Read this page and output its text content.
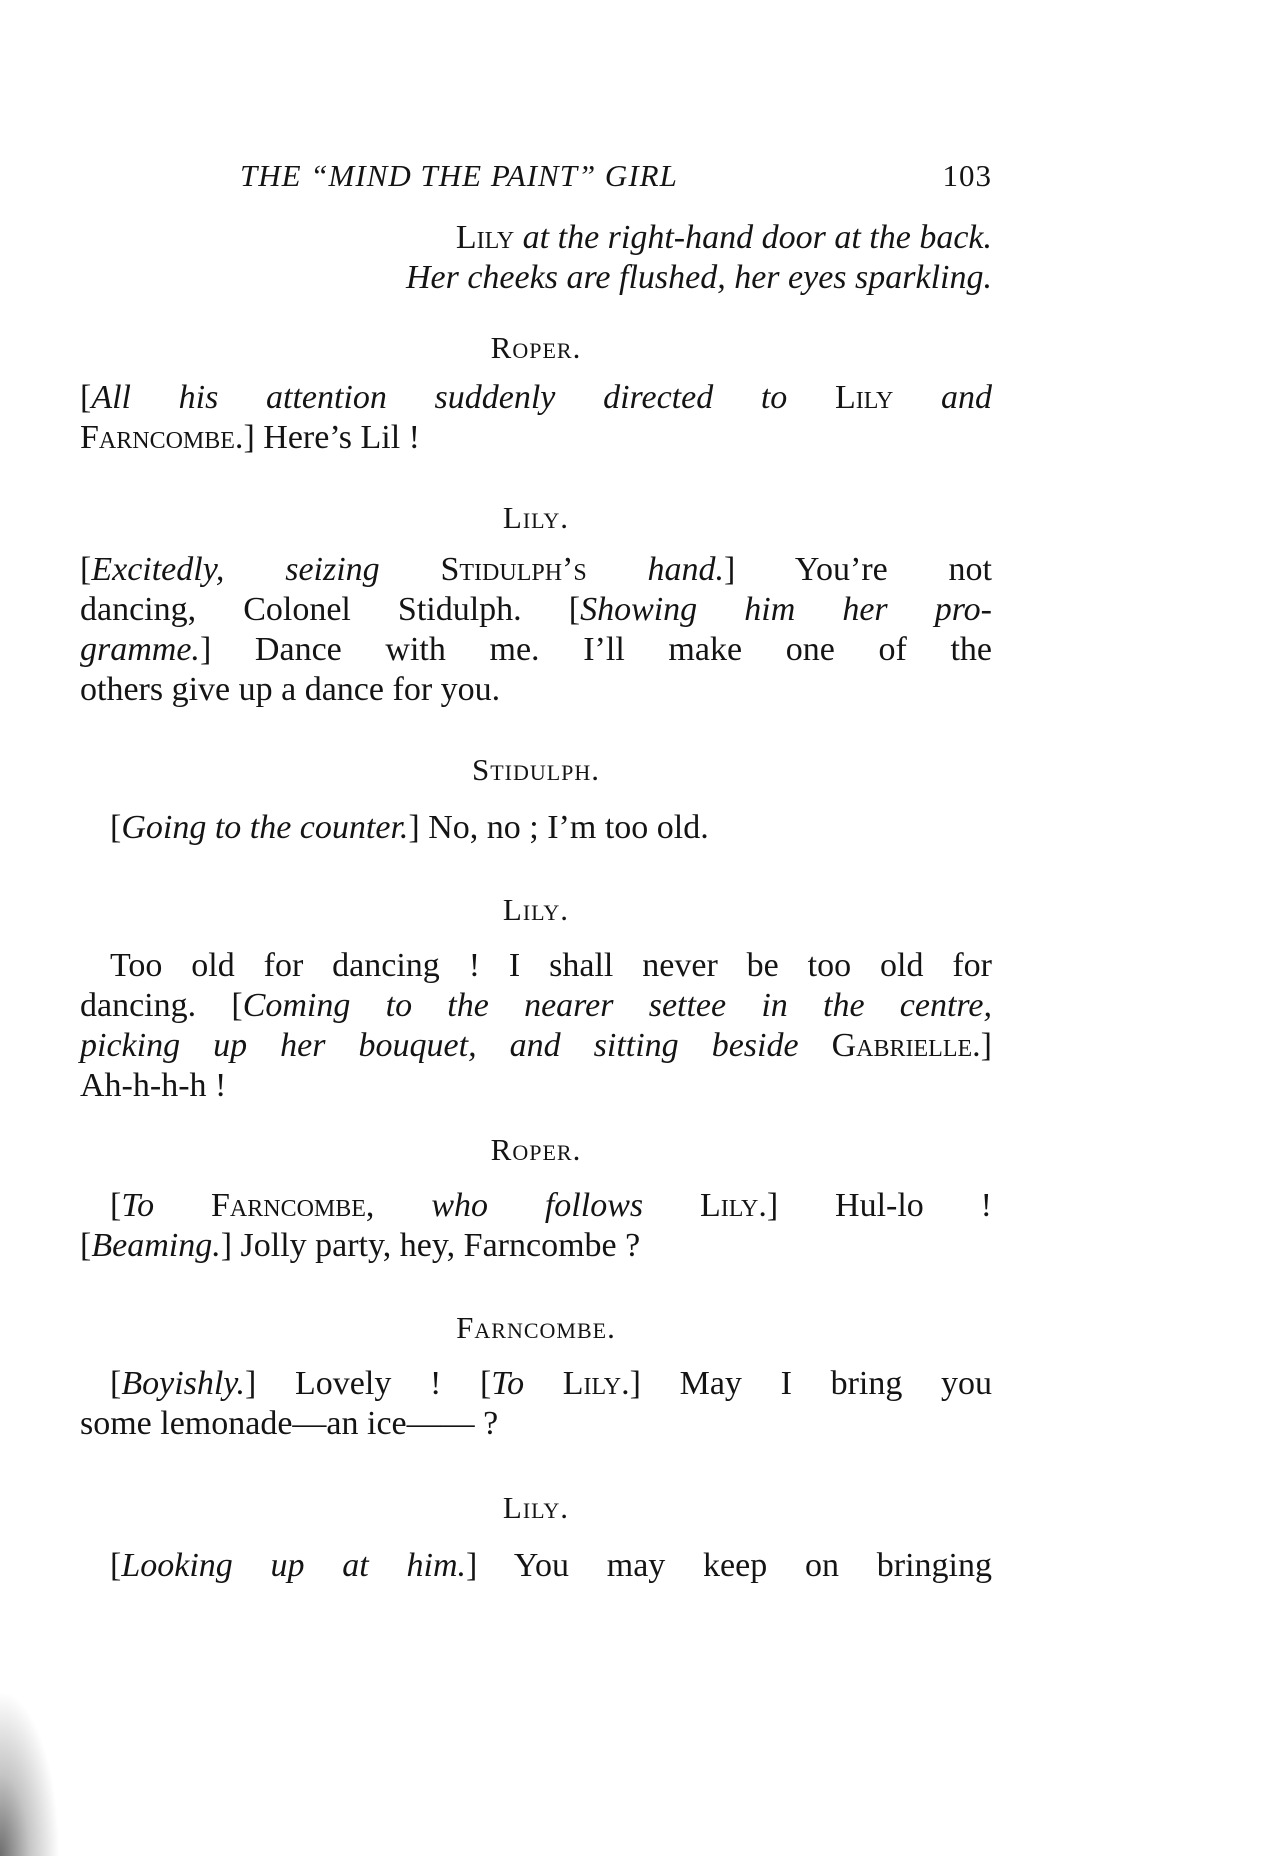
THE “MIND THE PAINT” GIRL	103
Lily at the right-hand door at the back.
Her cheeks are flushed, her eyes sparkling.
Roper.
[All his attention suddenly directed to Lily and
Farncombe.] Here’s Lil !
Lily.
[Excitedly, seizing Stidulph’s hand.] You’re not
dancing, Colonel Stidulph. [Showing him her pro-
gramme.] Dance with me. I’ll make one of the
others give up a dance for you.
Stidulph.
[Going to the counter.] No, no ; I’m too old.
Lily.
Too old for dancing ! I shall never be too old for
dancing. [Coming to the nearer settee in the centre,
picking up her bouquet, and sitting beside Gabrielle.]
Ah-h-h-h !
Roper.
[To Farncombe, who follows Lily.] Hul-lo !
[Beaming.] Jolly party, hey, Farncombe ?
Farncombe.
[Boyishly.] Lovely ! [To Lily.] May I bring you
some lemonade—an ice—— ?
Lily.
[Looking up at him.] You may keep on bringing
